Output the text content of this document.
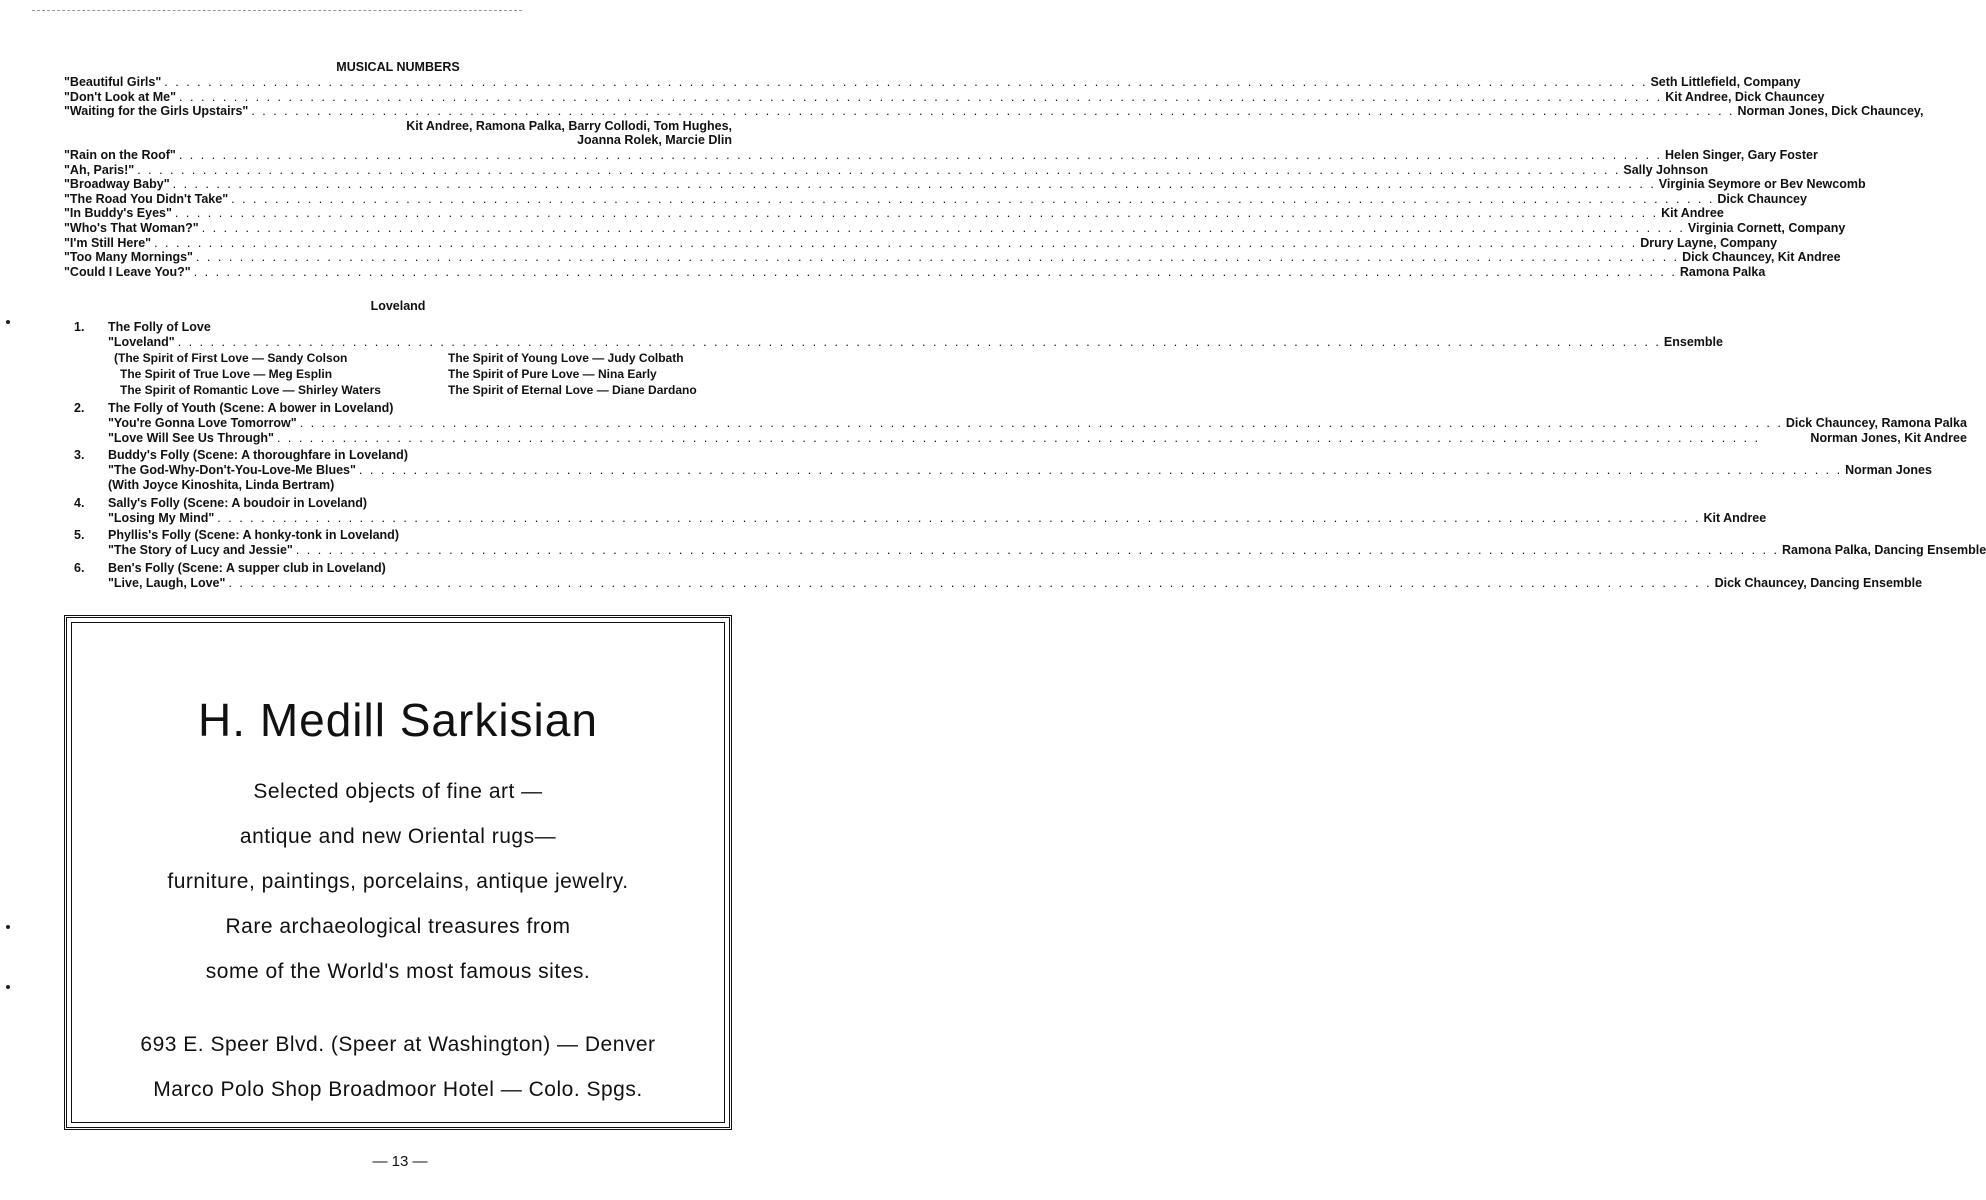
MUSICAL NUMBERS
"Beautiful Girls" . . .	Seth Littlefield, Company
"Don't Look at Me" . . .	Kit Andree, Dick Chauncey
"Waiting for the Girls Upstairs" . . .	Norman Jones, Dick Chauncey,
Kit Andree, Ramona Palka, Barry Collodi, Tom Hughes,
Joanna Rolek, Marcie Dlin
"Rain on the Roof" . . .	Helen Singer, Gary Foster
"Ah, Paris!" . . .	Sally Johnson
"Broadway Baby" . . .	Virginia Seymore or Bev Newcomb
"The Road You Didn't Take" . . .	Dick Chauncey
"In Buddy's Eyes" . . .	Kit Andree
"Who's That Woman?" . . .	Virginia Cornett, Company
"I'm Still Here" . . .	Drury Layne, Company
"Too Many Mornings" . . .	Dick Chauncey, Kit Andree
"Could I Leave You?" . . .	Ramona Palka
Loveland
1.	The Folly of Love
"Loveland" . . .	Ensemble
(The Spirit of First Love — Sandy Colson	The Spirit of Young Love — Judy Colbath
The Spirit of True Love — Meg Esplin	The Spirit of Pure Love — Nina Early
The Spirit of Romantic Love — Shirley Waters	The Spirit of Eternal Love — Diane Dardano
2.	The Folly of Youth (Scene: A bower in Loveland)
"You're Gonna Love Tomorrow" . . .	Dick Chauncey, Ramona Palka
"Love Will See Us Through" . . .	Norman Jones, Kit Andree
3.	Buddy's Folly (Scene: A thoroughfare in Loveland)
"The God-Why-Don't-You-Love-Me Blues" . . .	Norman Jones
(With Joyce Kinoshita, Linda Bertram)
4.	Sally's Folly (Scene: A boudoir in Loveland)
"Losing My Mind" . . .	Kit Andree
5.	Phyllis's Folly (Scene: A honky-tonk in Loveland)
"The Story of Lucy and Jessie" . . .	Ramona Palka, Dancing Ensemble
6.	Ben's Folly (Scene: A supper club in Loveland)
"Live, Laugh, Love" . . .	Dick Chauncey, Dancing Ensemble
H. Medill Sarkisian
Selected objects of fine art —
antique and new Oriental rugs—
furniture, paintings, porcelains, antique jewelry.
Rare archaeological treasures from
some of the World's most famous sites.
693 E. Speer Blvd. (Speer at Washington) — Denver
Marco Polo Shop Broadmoor Hotel — Colo. Spgs.
— 13 —
